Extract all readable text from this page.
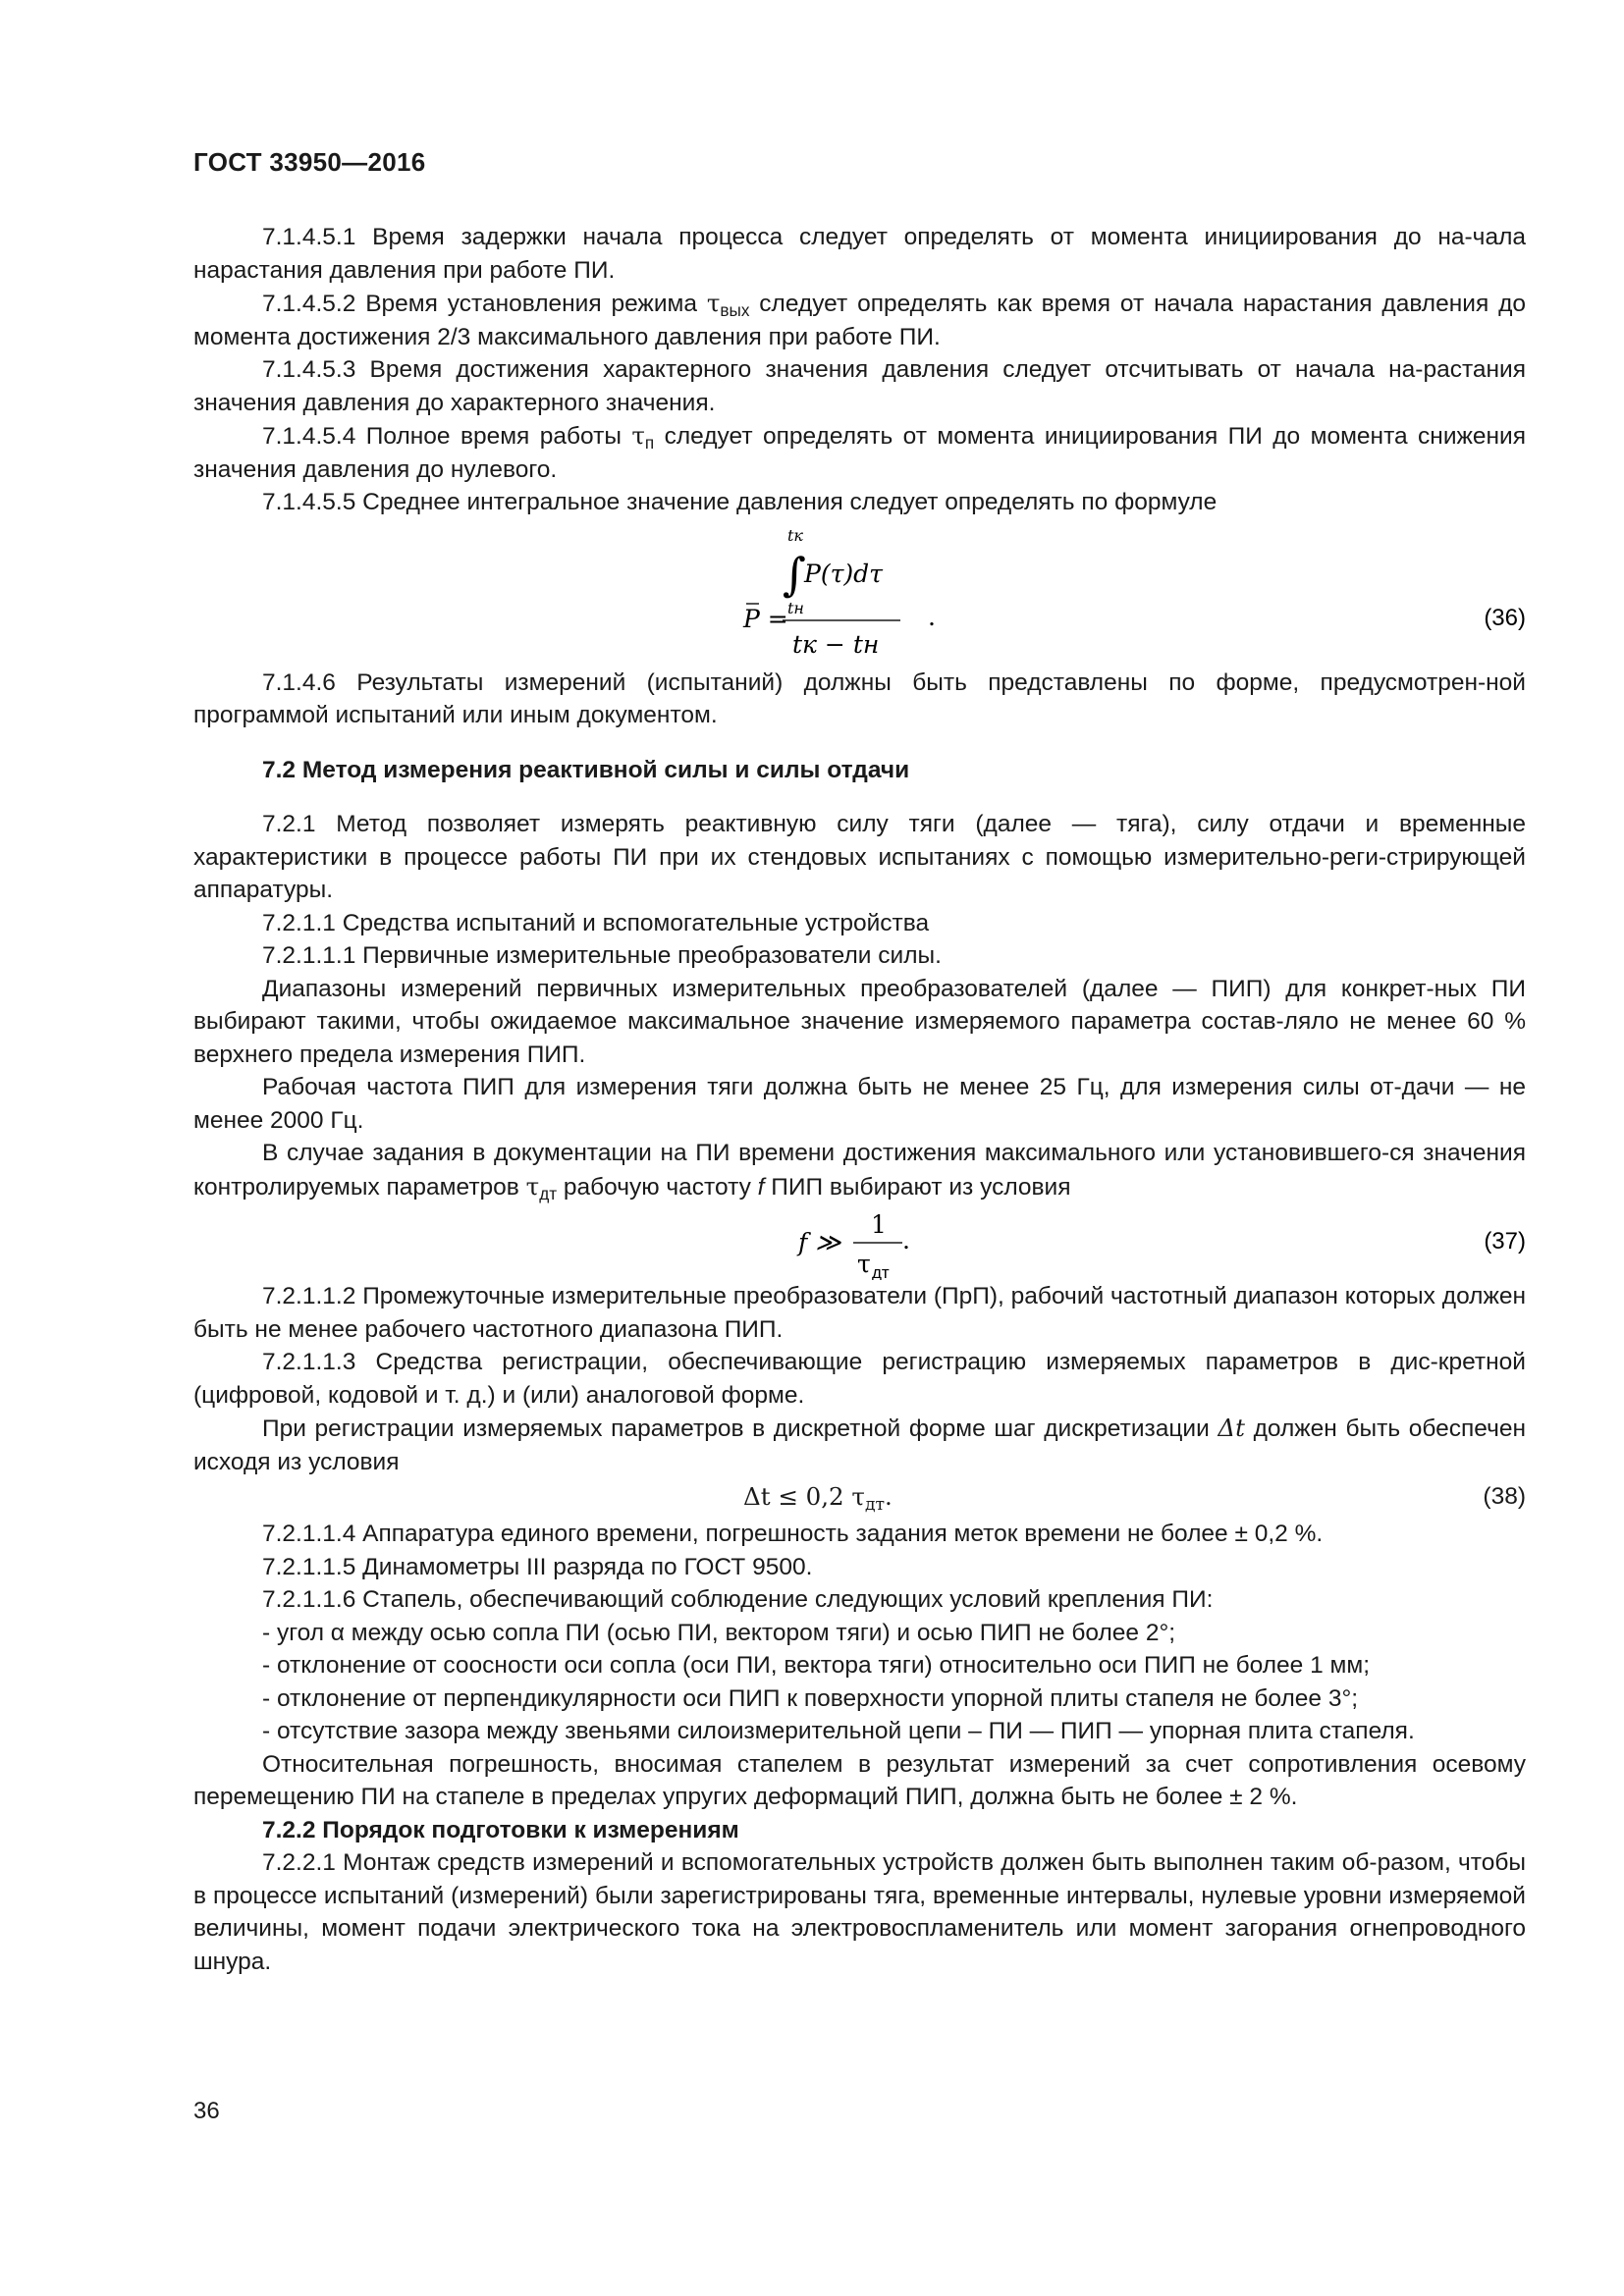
ГОСТ 33950—2016

7.1.4.5.1 Время задержки начала процесса следует определять от момента инициирования до на-чала нарастания давления при работе ПИ.

7.1.4.5.2 Время установления режима $\tau_{вых}$ следует определять как время от начала нарастания давления до момента достижения 2/3 максимального давления при работе ПИ.

7.1.4.5.3 Время достижения характерного значения давления следует отсчитывать от начала на-растания значения давления до характерного значения.

7.1.4.5.4 Полное время работы $\tau_п$ следует определять от момента инициирования ПИ до момента снижения значения давления до нулевого.

7.1.4.5.5 Среднее интегральное значение давления следует определять по формуле

tк
∫
P(τ)dτ
tн
P =
tк − tн
.	(36)

7.1.4.6 Результаты измерений (испытаний) должны быть представлены по форме, предусмотрен-ной программой испытаний или иным документом.

7.2 Метод измерения реактивной силы и силы отдачи

7.2.1 Метод позволяет измерять реактивную силу тяги (далее — тяга), силу отдачи и временные характеристики в процессе работы ПИ при их стендовых испытаниях с помощью измерительно-реги-стрирующей аппаратуры.

7.2.1.1 Средства испытаний и вспомогательные устройства

7.2.1.1.1 Первичные измерительные преобразователи силы.

Диапазоны измерений первичных измерительных преобразователей (далее — ПИП) для конкрет-ных ПИ выбирают такими, чтобы ожидаемое максимальное значение измеряемого параметра состав-ляло не менее 60 % верхнего предела измерения ПИП.

Рабочая частота ПИП для измерения тяги должна быть не менее 25 Гц, для измерения силы от-дачи — не менее 2000 Гц.

В случае задания в документации на ПИ времени достижения максимального или установившего-ся значения контролируемых параметров $\tau_{дт}$ рабочую частоту f ПИП выбирают из условия

f ≫
1
τ дт
.	(37)

7.2.1.1.2 Промежуточные измерительные преобразователи (ПрП), рабочий частотный диапазон которых должен быть не менее рабочего частотного диапазона ПИП.

7.2.1.1.3 Средства регистрации, обеспечивающие регистрацию измеряемых параметров в дис-кретной (цифровой, кодовой и т. д.) и (или) аналоговой форме.

При регистрации измеряемых параметров в дискретной форме шаг дискретизации Δt должен быть обеспечен исходя из условия

Δt ≤ 0,2 $\tau_{дт}$.	(38)

7.2.1.1.4 Аппаратура единого времени, погрешность задания меток времени не более ± 0,2 %.

7.2.1.1.5 Динамометры III разряда по ГОСТ 9500.

7.2.1.1.6 Стапель, обеспечивающий соблюдение следующих условий крепления ПИ:

- угол α между осью сопла ПИ (осью ПИ, вектором тяги) и осью ПИП не более 2°;

- отклонение от соосности оси сопла (оси ПИ, вектора тяги) относительно оси ПИП не более 1 мм;

- отклонение от перпендикулярности оси ПИП к поверхности упорной плиты стапеля не более 3°;

- отсутствие зазора между звеньями силоизмерительной цепи – ПИ — ПИП — упорная плита стапеля.

Относительная погрешность, вносимая стапелем в результат измерений за счет сопротивления осевому перемещению ПИ на стапеле в пределах упругих деформаций ПИП, должна быть не более ± 2 %.

7.2.2 Порядок подготовки к измерениям

7.2.2.1 Монтаж средств измерений и вспомогательных устройств должен быть выполнен таким об-разом, чтобы в процессе испытаний (измерений) были зарегистрированы тяга, временные интервалы, нулевые уровни измеряемой величины, момент подачи электрического тока на электровоспламенитель или момент загорания огнепроводного шнура.

36
